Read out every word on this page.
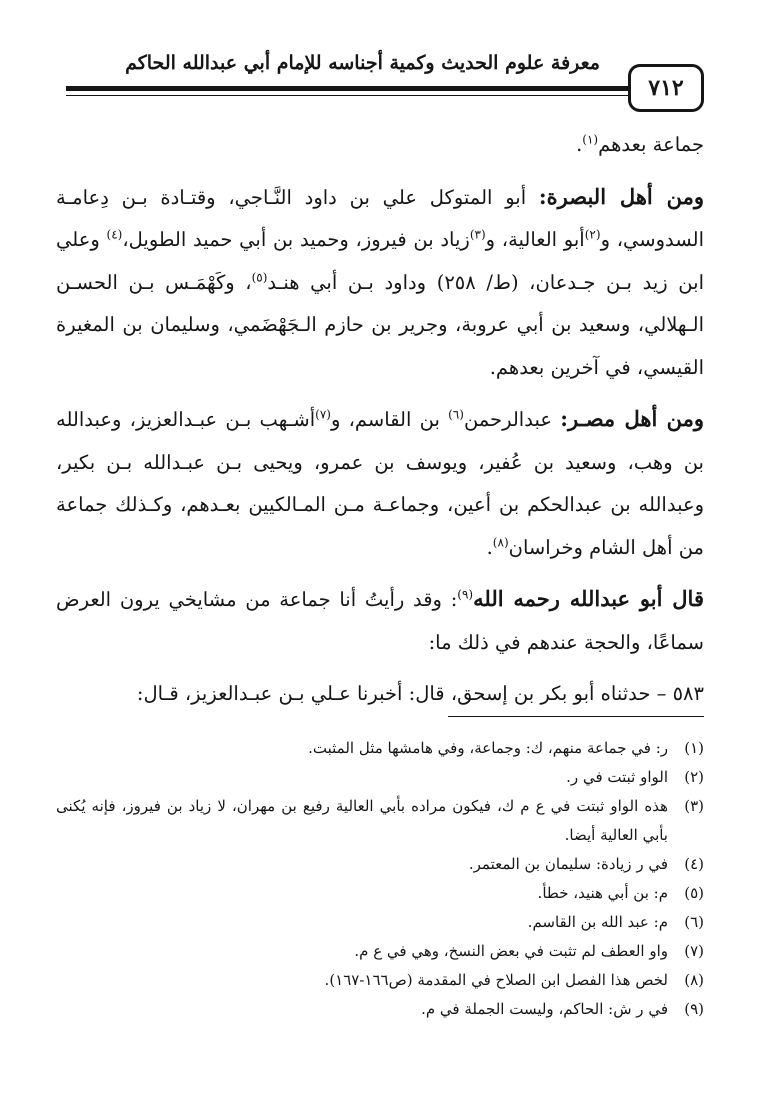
معرفة علوم الحديث وكمية أجناسه للإمام أبي عبدالله الحاكم
٧١٢

جماعة بعدهم$^{(١)}$.

ومن أهل البصرة: أبو المتوكل علي بن داود النَّـاجي، وقتـادة بـن دِعامـة السدوسي، و$^{(٢)}$أبو العالية، و$^{(٣)}$زياد بن فيروز، وحميد بن أبي حميد الطويل،$^{(٤)}$ وعلي ابن زيد بـن جـدعان، (ط/ ٢٥٨) وداود بـن أبي هنـد$^{(٥)}$، وكَهْمَـس بـن الحسـن الـهلالي، وسعيد بن أبي عروبة، وجرير بن حازم الـجَهْضَمي، وسليمان بن المغيرة القيسي، في آخرين بعدهم.

ومن أهل مصـر: عبدالرحمن$^{(٦)}$ بن القاسم، و$^{(٧)}$أشـهب بـن عبـدالعزيز، وعبدالله بن وهب، وسعيد بن عُفير، ويوسف بن عمرو، ويحيى بـن عبـدالله بـن بكير، وعبدالله بن عبدالحكم بن أعين، وجماعـة مـن المـالكيين بعـدهم، وكـذلك جماعة من أهل الشام وخراسان$^{(٨)}$.

قال أبو عبدالله رحمه الله$^{(٩)}$: وقد رأيتُ أنا جماعة من مشايخي يرون العرض سماعًا، والحجة عندهم في ذلك ما:

٥٨٣ – حدثناه أبو بكر بن إسحق، قال: أخبرنا عـلي بـن عبـدالعزيز، قـال:

(١)
ر: في جماعة منهم، ك: وجماعة، وفي هامشها مثل المثبت.
(٢)
الواو ثبتت في ر.
(٣)
هذه الواو ثبتت في ع م ك، فيكون مراده بأبي العالية رفيع بن مهران، لا زياد بن فيروز، فإنه يُكنى بأبي العالية أيضا.
(٤)
في ر زيادة: سليمان بن المعتمر.
(٥)
م: بن أبي هنيد، خطأ.
(٦)
م: عبد الله بن القاسم.
(٧)
واو العطف لم تثبت في بعض النسخ، وهي في ع م.
(٨)
لخص هذا الفصل ابن الصلاح في المقدمة (ص١٦٦-١٦٧).
(٩)
في ر ش: الحاكم، وليست الجملة في م.
